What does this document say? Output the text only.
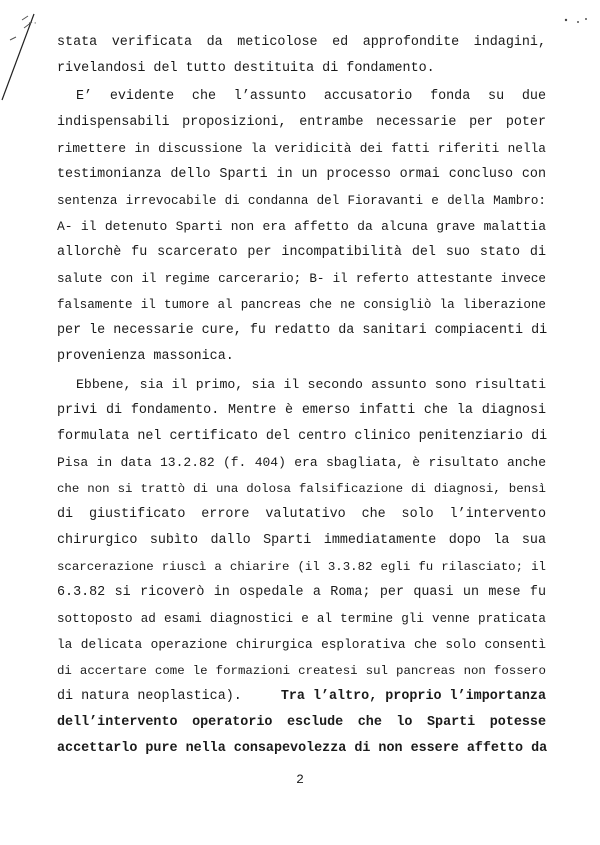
· ·
stata verificata da meticolose ed approfondite indagini,
rivelandosi del tutto destituita di fondamento.
E’ evidente che l’assunto accusatorio fonda su due
indispensabili proposizioni, entrambe necessarie per poter
rimettere in discussione la veridicità dei fatti riferiti nella
testimonianza dello Sparti in un processo ormai concluso con
sentenza irrevocabile di condanna del Fioravanti e della Mambro:
A- il detenuto Sparti non era affetto da alcuna grave malattia
allorchè fu scarcerato per incompatibilità del suo stato di
salute con il regime carcerario; B- il referto attestante invece
falsamente il tumore al pancreas che ne consigliò la liberazione
per le necessarie cure, fu redatto da sanitari compiacenti di
provenienza massonica.
Ebbene, sia il primo, sia il secondo assunto sono risultati
privi di fondamento. Mentre è emerso infatti che la diagnosi
formulata nel certificato del centro clinico penitenziario di
Pisa in data 13.2.82 (f. 404) era sbagliata, è risultato anche
che non si trattò di una dolosa falsificazione di diagnosi, bensì
di giustificato errore valutativo che solo l’intervento
chirurgico subìto dallo Sparti immediatamente dopo la sua
scarcerazione riuscì a chiarire (il 3.3.82 egli fu rilasciato; il
6.3.82 si ricoverò in ospedale a Roma; per quasi un mese fu
sottoposto ad esami diagnostici e al termine gli venne praticata
la delicata operazione chirurgica esplorativa che solo consentì
di accertare come le formazioni createsi sul pancreas non fossero
di natura neoplastica).	Tra l’altro, proprio l’importanza
dell’intervento operatorio esclude che lo Sparti potesse
accettarlo pure nella consapevolezza di non essere affetto da
2
